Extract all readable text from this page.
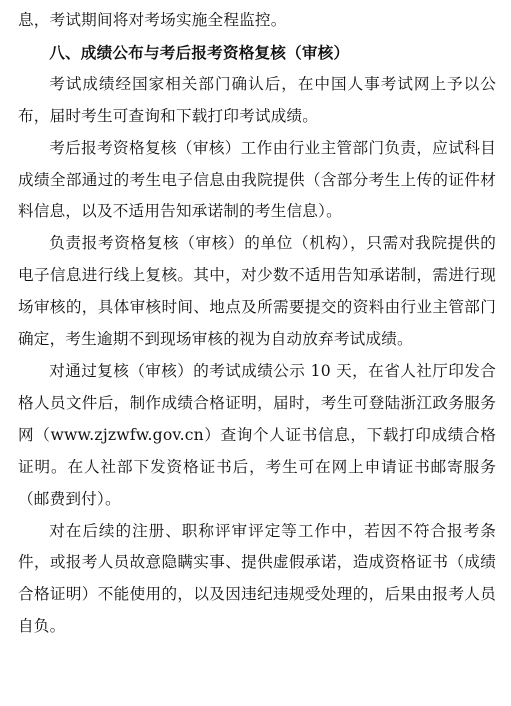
息，考试期间将对考场实施全程监控。

八、成绩公布与考后报考资格复核（审核）

考试成绩经国家相关部门确认后，在中国人事考试网上予以公布，届时考生可查询和下载打印考试成绩。

考后报考资格复核（审核）工作由行业主管部门负责，应试科目成绩全部通过的考生电子信息由我院提供（含部分考生上传的证件材料信息，以及不适用告知承诺制的考生信息）。

负责报考资格复核（审核）的单位（机构），只需对我院提供的电子信息进行线上复核。其中，对少数不适用告知承诺制，需进行现场审核的，具体审核时间、地点及所需要提交的资料由行业主管部门确定，考生逾期不到现场审核的视为自动放弃考试成绩。

对通过复核（审核）的考试成绩公示 10 天，在省人社厅印发合格人员文件后，制作成绩合格证明，届时，考生可登陆浙江政务服务网（www.zjzwfw.gov.cn）查询个人证书信息，下载打印成绩合格证明。在人社部下发资格证书后，考生可在网上申请证书邮寄服务（邮费到付）。

对在后续的注册、职称评审评定等工作中，若因不符合报考条件，或报考人员故意隐瞒实事、提供虚假承诺，造成资格证书（成绩合格证明）不能使用的，以及因违纪违规受处理的，后果由报考人员自负。
